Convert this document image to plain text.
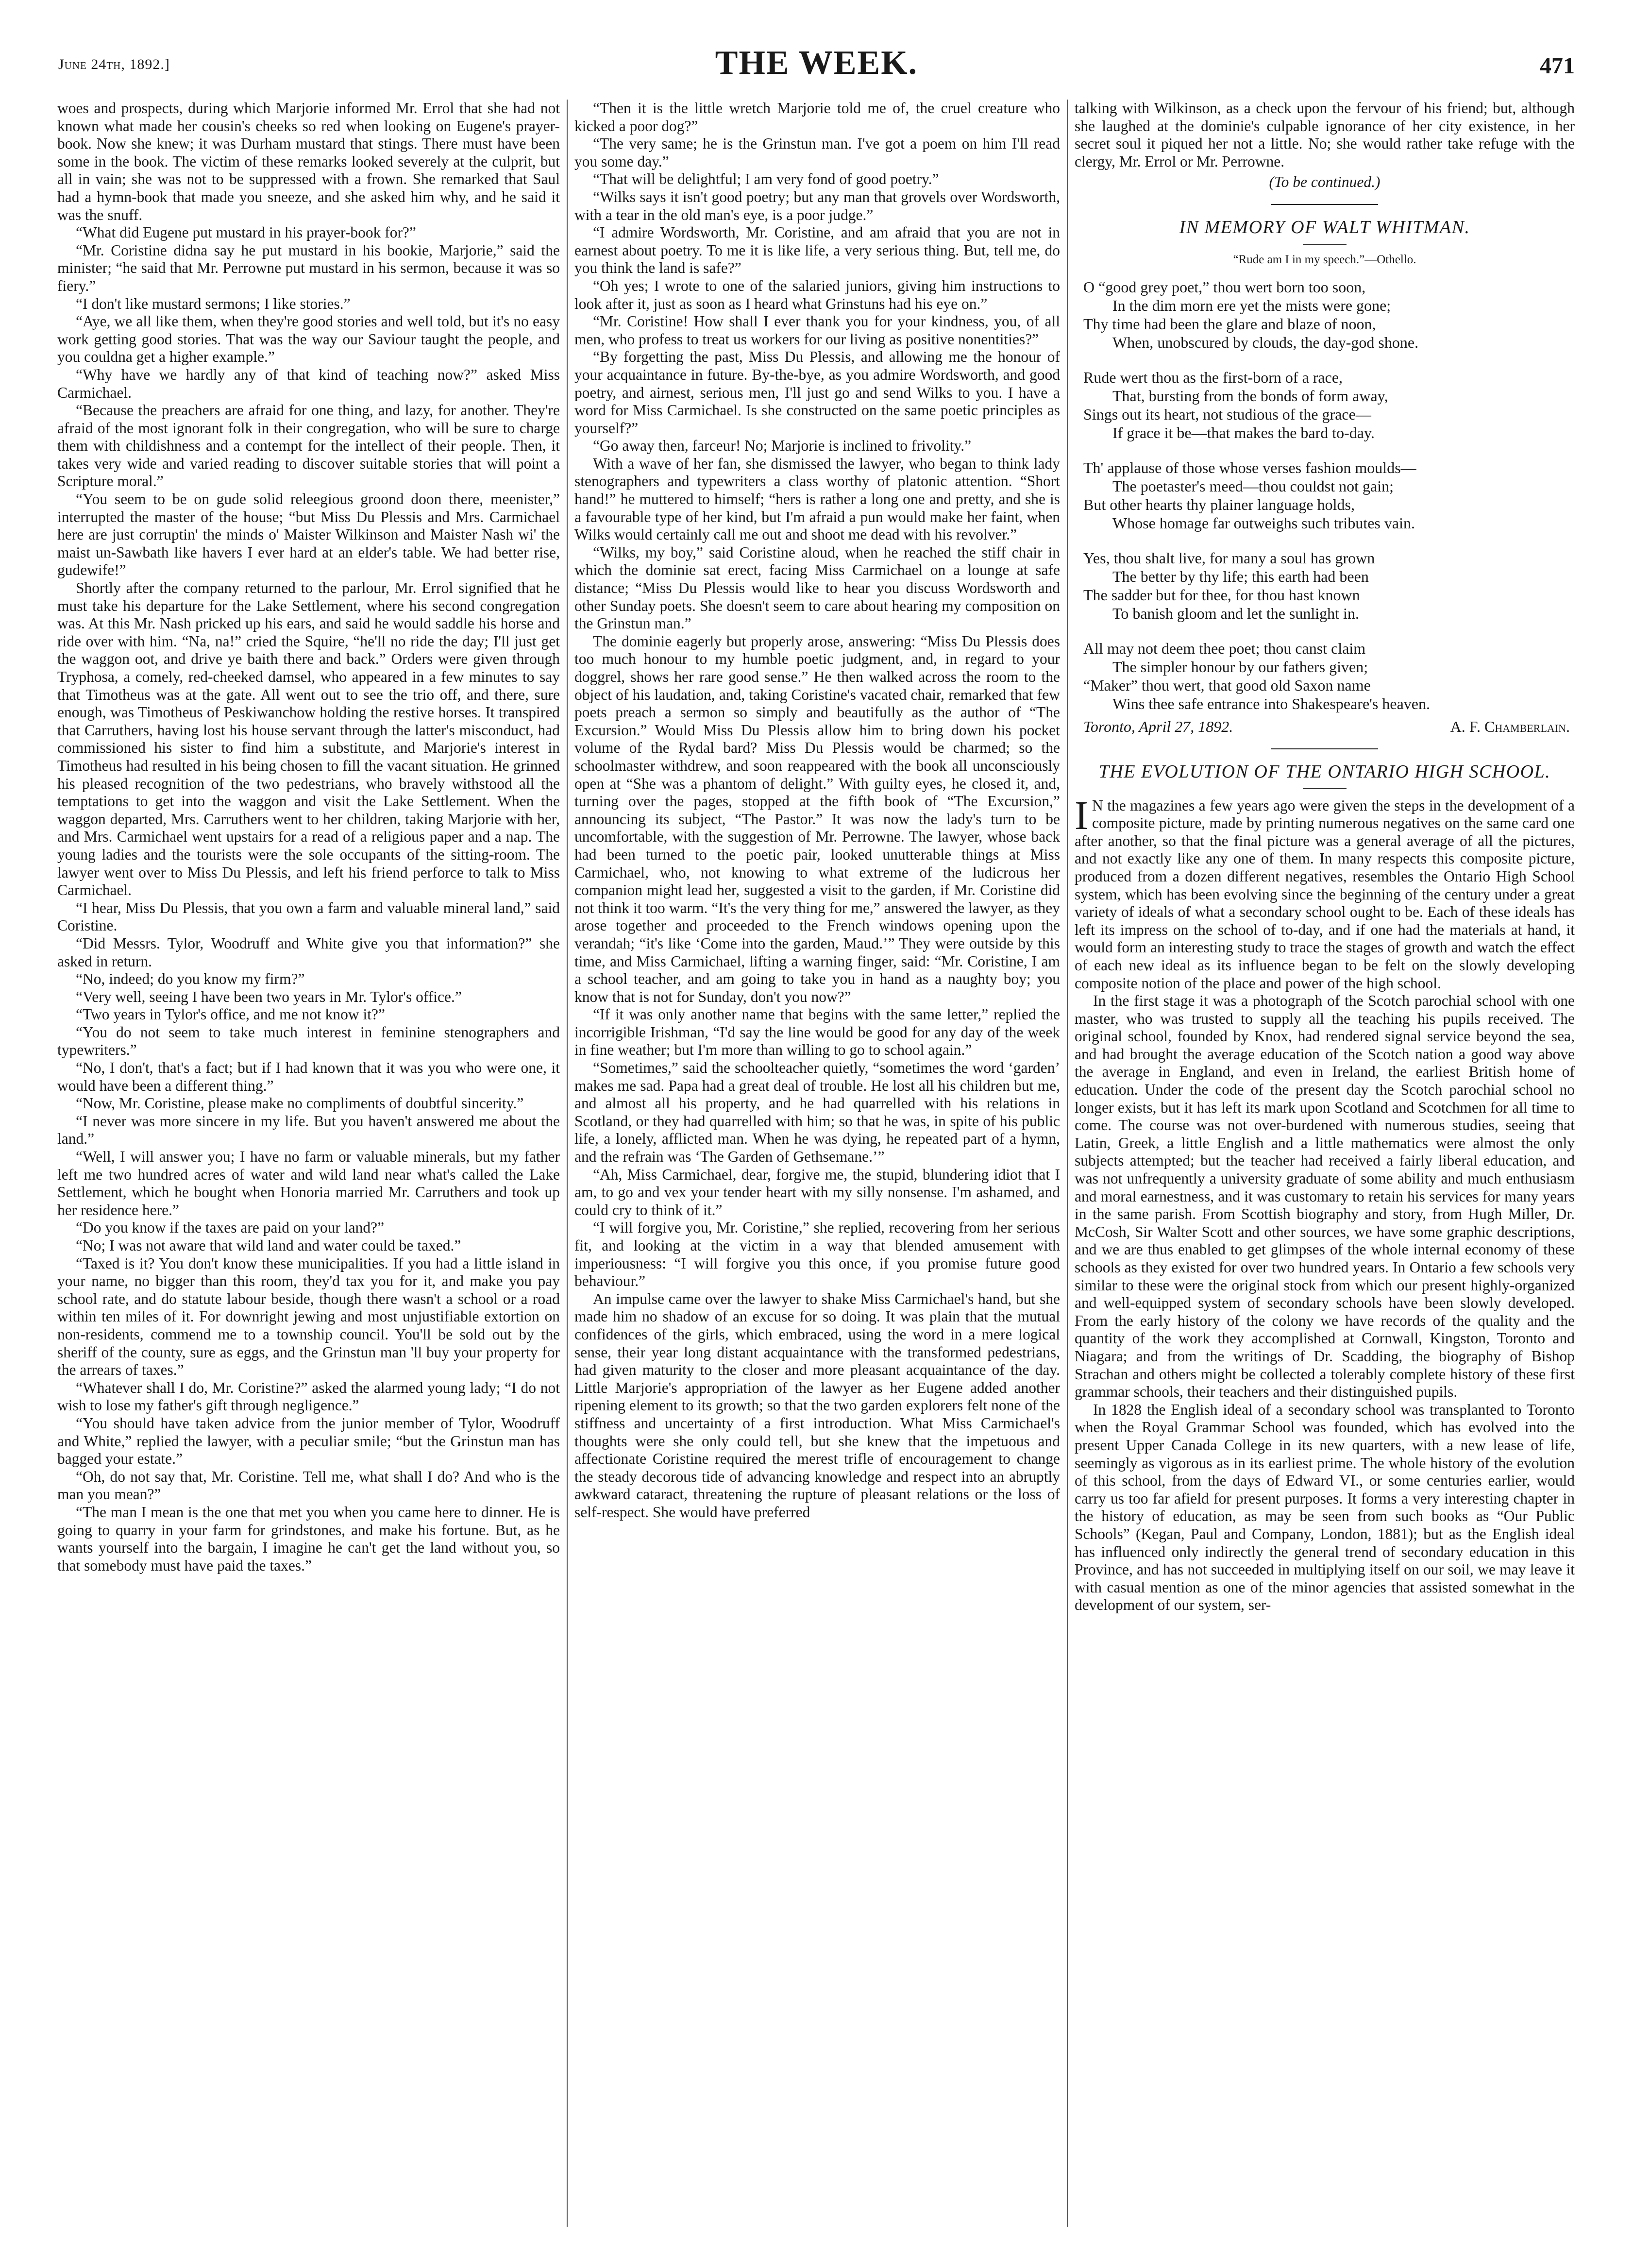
June 24th, 1892.]	THE WEEK.	471

woes and prospects, during which Marjorie informed Mr. Errol that she had not known what made her cousin's cheeks so red when looking on Eugene's prayer-book. Now she knew; it was Durham mustard that stings. There must have been some in the book. The victim of these remarks looked severely at the culprit, but all in vain; she was not to be suppressed with a frown. She remarked that Saul had a hymn-book that made you sneeze, and she asked him why, and he said it was the snuff.

“What did Eugene put mustard in his prayer-book for?”

“Mr. Coristine didna say he put mustard in his bookie, Marjorie,” said the minister; “he said that Mr. Perrowne put mustard in his sermon, because it was so fiery.”

“I don't like mustard sermons; I like stories.”

“Aye, we all like them, when they're good stories and well told, but it's no easy work getting good stories. That was the way our Saviour taught the people, and you couldna get a higher example.”

“Why have we hardly any of that kind of teaching now?” asked Miss Carmichael.

“Because the preachers are afraid for one thing, and lazy, for another. They're afraid of the most ignorant folk in their congregation, who will be sure to charge them with childishness and a contempt for the intellect of their people. Then, it takes very wide and varied reading to discover suitable stories that will point a Scripture moral.”

“You seem to be on gude solid releegious groond doon there, meenister,” interrupted the master of the house; “but Miss Du Plessis and Mrs. Carmichael here are just corruptin' the minds o' Maister Wilkinson and Maister Nash wi' the maist un-Sawbath like havers I ever hard at an elder's table. We had better rise, gudewife!”

Shortly after the company returned to the parlour, Mr. Errol signified that he must take his departure for the Lake Settlement, where his second congregation was. At this Mr. Nash pricked up his ears, and said he would saddle his horse and ride over with him. “Na, na!” cried the Squire, “he'll no ride the day; I'll just get the waggon oot, and drive ye baith there and back.” Orders were given through Tryphosa, a comely, red-cheeked damsel, who appeared in a few minutes to say that Timotheus was at the gate. All went out to see the trio off, and there, sure enough, was Timotheus of Peskiwanchow holding the restive horses. It transpired that Carruthers, having lost his house servant through the latter's misconduct, had commissioned his sister to find him a substitute, and Marjorie's interest in Timotheus had resulted in his being chosen to fill the vacant situation. He grinned his pleased recognition of the two pedestrians, who bravely withstood all the temptations to get into the waggon and visit the Lake Settlement. When the waggon departed, Mrs. Carruthers went to her children, taking Marjorie with her, and Mrs. Carmichael went upstairs for a read of a religious paper and a nap. The young ladies and the tourists were the sole occupants of the sitting-room. The lawyer went over to Miss Du Plessis, and left his friend perforce to talk to Miss Carmichael.

“I hear, Miss Du Plessis, that you own a farm and valuable mineral land,” said Coristine.

“Did Messrs. Tylor, Woodruff and White give you that information?” she asked in return.

“No, indeed; do you know my firm?”

“Very well, seeing I have been two years in Mr. Tylor's office.”

“Two years in Tylor's office, and me not know it?”

“You do not seem to take much interest in feminine stenographers and typewriters.”

“No, I don't, that's a fact; but if I had known that it was you who were one, it would have been a different thing.”

“Now, Mr. Coristine, please make no compliments of doubtful sincerity.”

“I never was more sincere in my life. But you haven't answered me about the land.”

“Well, I will answer you; I have no farm or valuable minerals, but my father left me two hundred acres of water and wild land near what's called the Lake Settlement, which he bought when Honoria married Mr. Carruthers and took up her residence here.”

“Do you know if the taxes are paid on your land?”

“No; I was not aware that wild land and water could be taxed.”

“Taxed is it? You don't know these municipalities. If you had a little island in your name, no bigger than this room, they'd tax you for it, and make you pay school rate, and do statute labour beside, though there wasn't a school or a road within ten miles of it. For downright jewing and most unjustifiable extortion on non-residents, commend me to a township council. You'll be sold out by the sheriff of the county, sure as eggs, and the Grinstun man 'll buy your property for the arrears of taxes.”

“Whatever shall I do, Mr. Coristine?” asked the alarmed young lady; “I do not wish to lose my father's gift through negligence.”

“You should have taken advice from the junior member of Tylor, Woodruff and White,” replied the lawyer, with a peculiar smile; “but the Grinstun man has bagged your estate.”

“Oh, do not say that, Mr. Coristine. Tell me, what shall I do? And who is the man you mean?”

“The man I mean is the one that met you when you came here to dinner. He is going to quarry in your farm for grindstones, and make his fortune. But, as he wants yourself into the bargain, I imagine he can't get the land without you, so that somebody must have paid the taxes.”

“Then it is the little wretch Marjorie told me of, the cruel creature who kicked a poor dog?”

“The very same; he is the Grinstun man. I've got a poem on him I'll read you some day.”

“That will be delightful; I am very fond of good poetry.”

“Wilks says it isn't good poetry; but any man that grovels over Wordsworth, with a tear in the old man's eye, is a poor judge.”

“I admire Wordsworth, Mr. Coristine, and am afraid that you are not in earnest about poetry. To me it is like life, a very serious thing. But, tell me, do you think the land is safe?”

“Oh yes; I wrote to one of the salaried juniors, giving him instructions to look after it, just as soon as I heard what Grinstuns had his eye on.”

“Mr. Coristine! How shall I ever thank you for your kindness, you, of all men, who profess to treat us workers for our living as positive nonentities?”

“By forgetting the past, Miss Du Plessis, and allowing me the honour of your acquaintance in future. By-the-bye, as you admire Wordsworth, and good poetry, and airnest, serious men, I'll just go and send Wilks to you. I have a word for Miss Carmichael. Is she constructed on the same poetic principles as yourself?”

“Go away then, farceur! No; Marjorie is inclined to frivolity.”

With a wave of her fan, she dismissed the lawyer, who began to think lady stenographers and typewriters a class worthy of platonic attention. “Short hand!” he muttered to himself; “hers is rather a long one and pretty, and she is a favourable type of her kind, but I'm afraid a pun would make her faint, when Wilks would certainly call me out and shoot me dead with his revolver.”

“Wilks, my boy,” said Coristine aloud, when he reached the stiff chair in which the dominie sat erect, facing Miss Carmichael on a lounge at safe distance; “Miss Du Plessis would like to hear you discuss Wordsworth and other Sunday poets. She doesn't seem to care about hearing my composition on the Grinstun man.”

The dominie eagerly but properly arose, answering: “Miss Du Plessis does too much honour to my humble poetic judgment, and, in regard to your doggrel, shows her rare good sense.” He then walked across the room to the object of his laudation, and, taking Coristine's vacated chair, remarked that few poets preach a sermon so simply and beautifully as the author of “The Excursion.” Would Miss Du Plessis allow him to bring down his pocket volume of the Rydal bard? Miss Du Plessis would be charmed; so the schoolmaster withdrew, and soon reappeared with the book all unconsciously open at “She was a phantom of delight.” With guilty eyes, he closed it, and, turning over the pages, stopped at the fifth book of “The Excursion,” announcing its subject, “The Pastor.” It was now the lady's turn to be uncomfortable, with the suggestion of Mr. Perrowne. The lawyer, whose back had been turned to the poetic pair, looked unutterable things at Miss Carmichael, who, not knowing to what extreme of the ludicrous her companion might lead her, suggested a visit to the garden, if Mr. Coristine did not think it too warm. “It's the very thing for me,” answered the lawyer, as they arose together and proceeded to the French windows opening upon the verandah; “it's like ‘Come into the garden, Maud.’” They were outside by this time, and Miss Carmichael, lifting a warning finger, said: “Mr. Coristine, I am a school teacher, and am going to take you in hand as a naughty boy; you know that is not for Sunday, don't you now?”

“If it was only another name that begins with the same letter,” replied the incorrigible Irishman, “I'd say the line would be good for any day of the week in fine weather; but I'm more than willing to go to school again.”

“Sometimes,” said the schoolteacher quietly, “sometimes the word ‘garden’ makes me sad. Papa had a great deal of trouble. He lost all his children but me, and almost all his property, and he had quarrelled with his relations in Scotland, or they had quarrelled with him; so that he was, in spite of his public life, a lonely, afflicted man. When he was dying, he repeated part of a hymn, and the refrain was ‘The Garden of Gethsemane.’”

“Ah, Miss Carmichael, dear, forgive me, the stupid, blundering idiot that I am, to go and vex your tender heart with my silly nonsense. I'm ashamed, and could cry to think of it.”

“I will forgive you, Mr. Coristine,” she replied, recovering from her serious fit, and looking at the victim in a way that blended amusement with imperiousness: “I will forgive you this once, if you promise future good behaviour.”

An impulse came over the lawyer to shake Miss Carmichael's hand, but she made him no shadow of an excuse for so doing. It was plain that the mutual confidences of the girls, which embraced, using the word in a mere logical sense, their year long distant acquaintance with the transformed pedestrians, had given maturity to the closer and more pleasant acquaintance of the day. Little Marjorie's appropriation of the lawyer as her Eugene added another ripening element to its growth; so that the two garden explorers felt none of the stiffness and uncertainty of a first introduction. What Miss Carmichael's thoughts were she only could tell, but she knew that the impetuous and affectionate Coristine required the merest trifle of encouragement to change the steady decorous tide of advancing knowledge and respect into an abruptly awkward cataract, threatening the rupture of pleasant relations or the loss of self-respect. She would have preferred

talking with Wilkinson, as a check upon the fervour of his friend; but, although she laughed at the dominie's culpable ignorance of her city existence, in her secret soul it piqued her not a little. No; she would rather take refuge with the clergy, Mr. Errol or Mr. Perrowne.

(To be continued.)

IN MEMORY OF WALT WHITMAN.
“Rude am I in my speech.”—Othello.
O “good grey poet,” thou wert born too soon,
In the dim morn ere yet the mists were gone;
Thy time had been the glare and blaze of noon,
When, unobscured by clouds, the day-god shone.
Rude wert thou as the first-born of a race,
That, bursting from the bonds of form away,
Sings out its heart, not studious of the grace—
If grace it be—that makes the bard to-day.
Th' applause of those whose verses fashion moulds—
The poetaster's meed—thou couldst not gain;
But other hearts thy plainer language holds,
Whose homage far outweighs such tributes vain.
Yes, thou shalt live, for many a soul has grown
The better by thy life; this earth had been
The sadder but for thee, for thou hast known
To banish gloom and let the sunlight in.
All may not deem thee poet; thou canst claim
The simpler honour by our fathers given;
“Maker” thou wert, that good old Saxon name
Wins thee safe entrance into Shakespeare's heaven.
Toronto, April 27, 1892.	A. F. Chamberlain.
THE EVOLUTION OF THE ONTARIO HIGH SCHOOL.

I N the magazines a few years ago were given the steps in the development of a composite picture, made by printing numerous negatives on the same card one after another, so that the final picture was a general average of all the pictures, and not exactly like any one of them. In many respects this composite picture, produced from a dozen different negatives, resembles the Ontario High School system, which has been evolving since the beginning of the century under a great variety of ideals of what a secondary school ought to be. Each of these ideals has left its impress on the school of to-day, and if one had the materials at hand, it would form an interesting study to trace the stages of growth and watch the effect of each new ideal as its influence began to be felt on the slowly developing composite notion of the place and power of the high school.

In the first stage it was a photograph of the Scotch parochial school with one master, who was trusted to supply all the teaching his pupils received. The original school, founded by Knox, had rendered signal service beyond the sea, and had brought the average education of the Scotch nation a good way above the average in England, and even in Ireland, the earliest British home of education. Under the code of the present day the Scotch parochial school no longer exists, but it has left its mark upon Scotland and Scotchmen for all time to come. The course was not over-burdened with numerous studies, seeing that Latin, Greek, a little English and a little mathematics were almost the only subjects attempted; but the teacher had received a fairly liberal education, and was not unfrequently a university graduate of some ability and much enthusiasm and moral earnestness, and it was customary to retain his services for many years in the same parish. From Scottish biography and story, from Hugh Miller, Dr. McCosh, Sir Walter Scott and other sources, we have some graphic descriptions, and we are thus enabled to get glimpses of the whole internal economy of these schools as they existed for over two hundred years. In Ontario a few schools very similar to these were the original stock from which our present highly-organized and well-equipped system of secondary schools have been slowly developed. From the early history of the colony we have records of the quality and the quantity of the work they accomplished at Cornwall, Kingston, Toronto and Niagara; and from the writings of Dr. Scadding, the biography of Bishop Strachan and others might be collected a tolerably complete history of these first grammar schools, their teachers and their distinguished pupils.

In 1828 the English ideal of a secondary school was transplanted to Toronto when the Royal Grammar School was founded, which has evolved into the present Upper Canada College in its new quarters, with a new lease of life, seemingly as vigorous as in its earliest prime. The whole history of the evolution of this school, from the days of Edward VI., or some centuries earlier, would carry us too far afield for present purposes. It forms a very interesting chapter in the history of education, as may be seen from such books as “Our Public Schools” (Kegan, Paul and Company, London, 1881); but as the English ideal has influenced only indirectly the general trend of secondary education in this Province, and has not succeeded in multiplying itself on our soil, we may leave it with casual mention as one of the minor agencies that assisted somewhat in the development of our system, ser-
